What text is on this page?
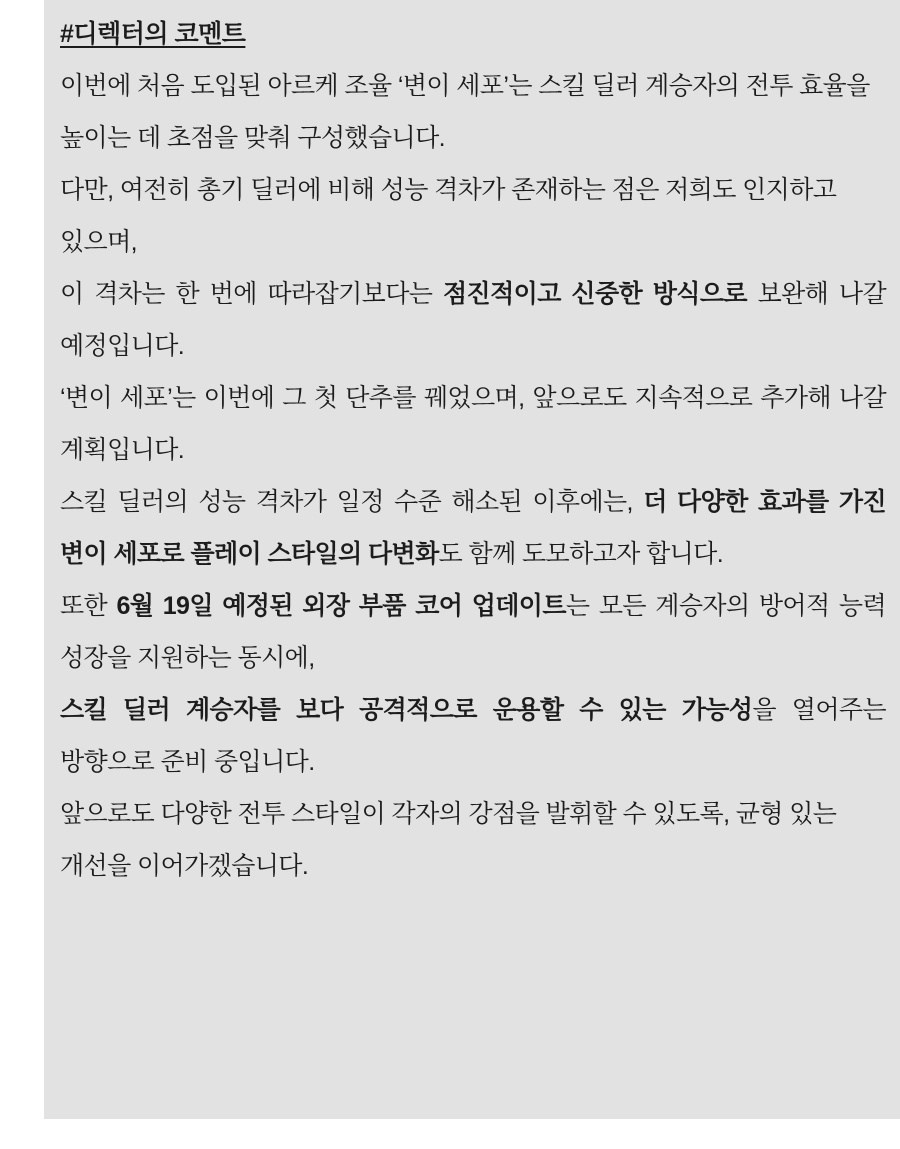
#디렉터의 코멘트
이번에 처음 도입된 아르케 조율 ‘변이 세포’는 스킬 딜러 계승자의 전투 효율을 높이는 데 초점을 맞춰 구성했습니다.
다만, 여전히 총기 딜러에 비해 성능 격차가 존재하는 점은 저희도 인지하고 있으며,
이 격차는 한 번에 따라잡기보다는 점진적이고 신중한 방식으로 보완해 나갈 예정입니다.
‘변이 세포’는 이번에 그 첫 단추를 꿰었으며, 앞으로도 지속적으로 추가해 나갈 계획입니다.
스킬 딜러의 성능 격차가 일정 수준 해소된 이후에는, 더 다양한 효과를 가진 변이 세포로 플레이 스타일의 다변화도 함께 도모하고자 합니다.
또한 6월 19일 예정된 외장 부품 코어 업데이트는 모든 계승자의 방어적 능력 성장을 지원하는 동시에,
스킬 딜러 계승자를 보다 공격적으로 운용할 수 있는 가능성을 열어주는 방향으로 준비 중입니다.
앞으로도 다양한 전투 스타일이 각자의 강점을 발휘할 수 있도록, 균형 있는 개선을 이어가겠습니다.
